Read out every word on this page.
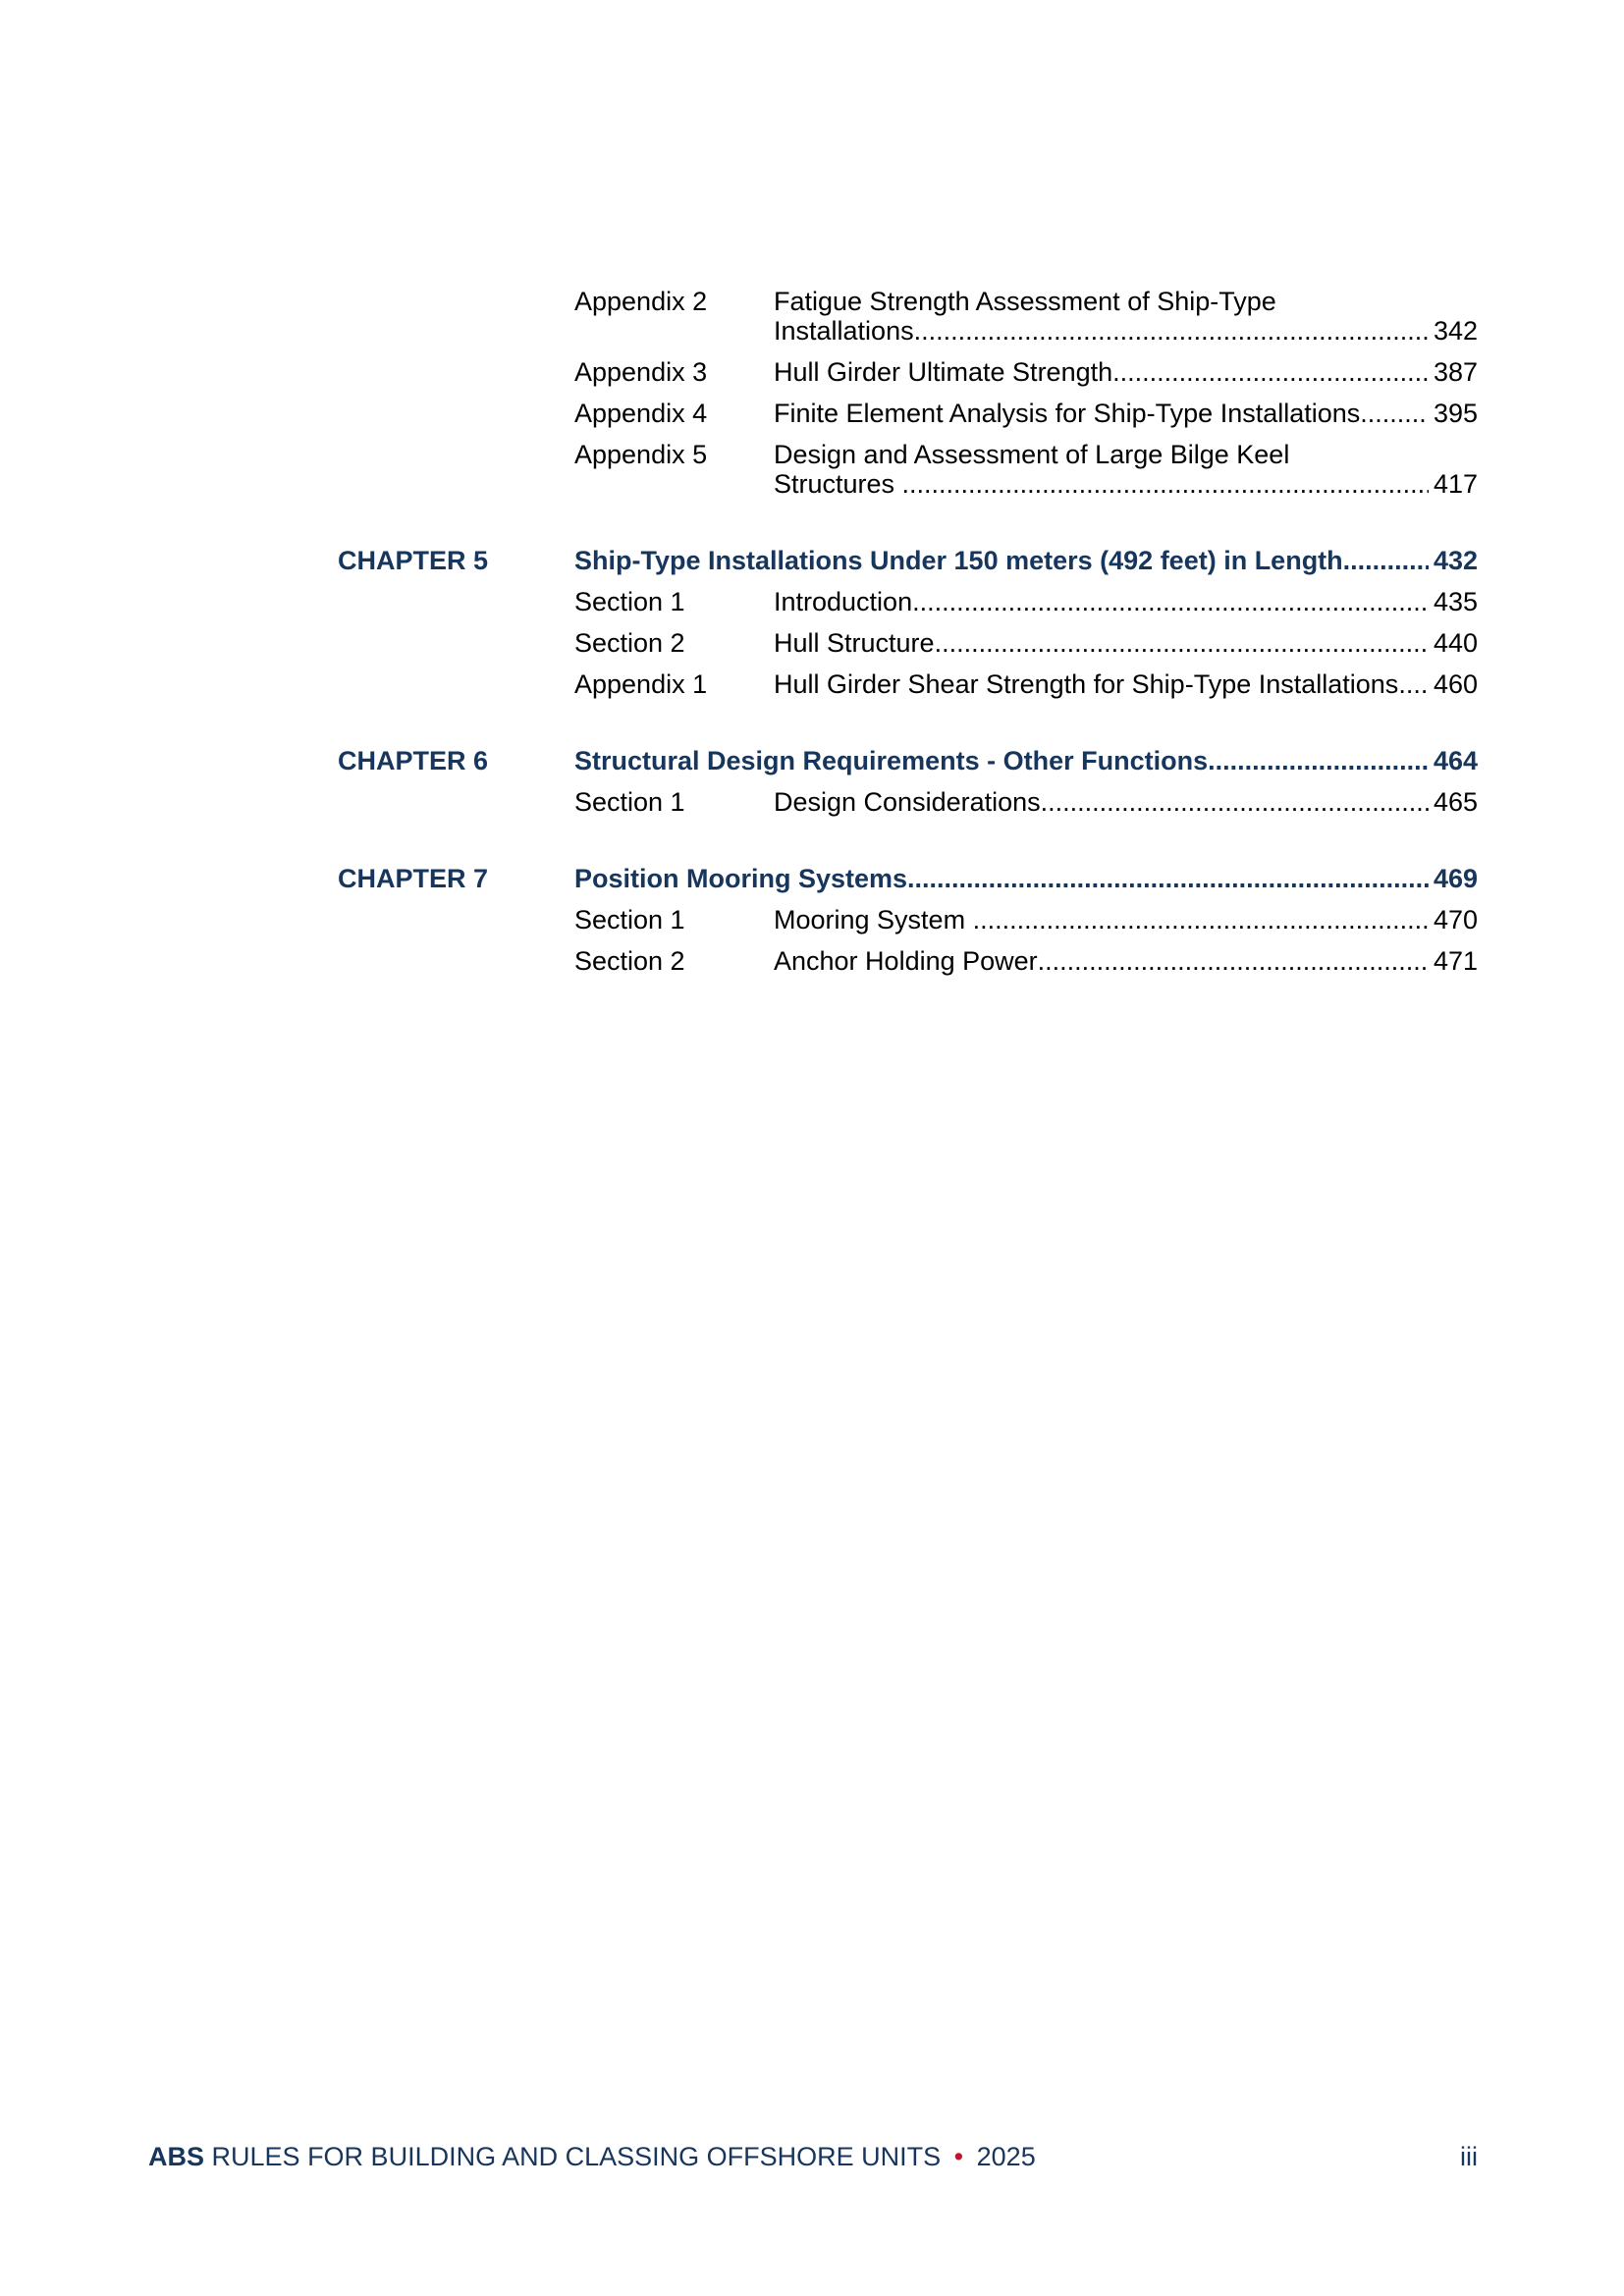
Appendix 2	Fatigue Strength Assessment of Ship-Type
Installations .....	342
Appendix 3	Hull Girder Ultimate Strength .....	387
Appendix 4	Finite Element Analysis for Ship-Type Installations .....	395
Appendix 5	Design and Assessment of Large Bilge Keel
Structures .....	417
CHAPTER 5	Ship-Type Installations Under 150 meters (492 feet) in Length .....	432
Section 1	Introduction .....	435
Section 2	Hull Structure .....	440
Appendix 1	Hull Girder Shear Strength for Ship-Type Installations ..... 460
CHAPTER 6	Structural Design Requirements - Other Functions .....	464
Section 1	Design Considerations .....	465
CHAPTER 7	Position Mooring Systems .....	469
Section 1	Mooring System .....	470
Section 2	Anchor Holding Power .....	471
ABS RULES FOR BUILDING AND CLASSING OFFSHORE UNITS • 2025	iii
